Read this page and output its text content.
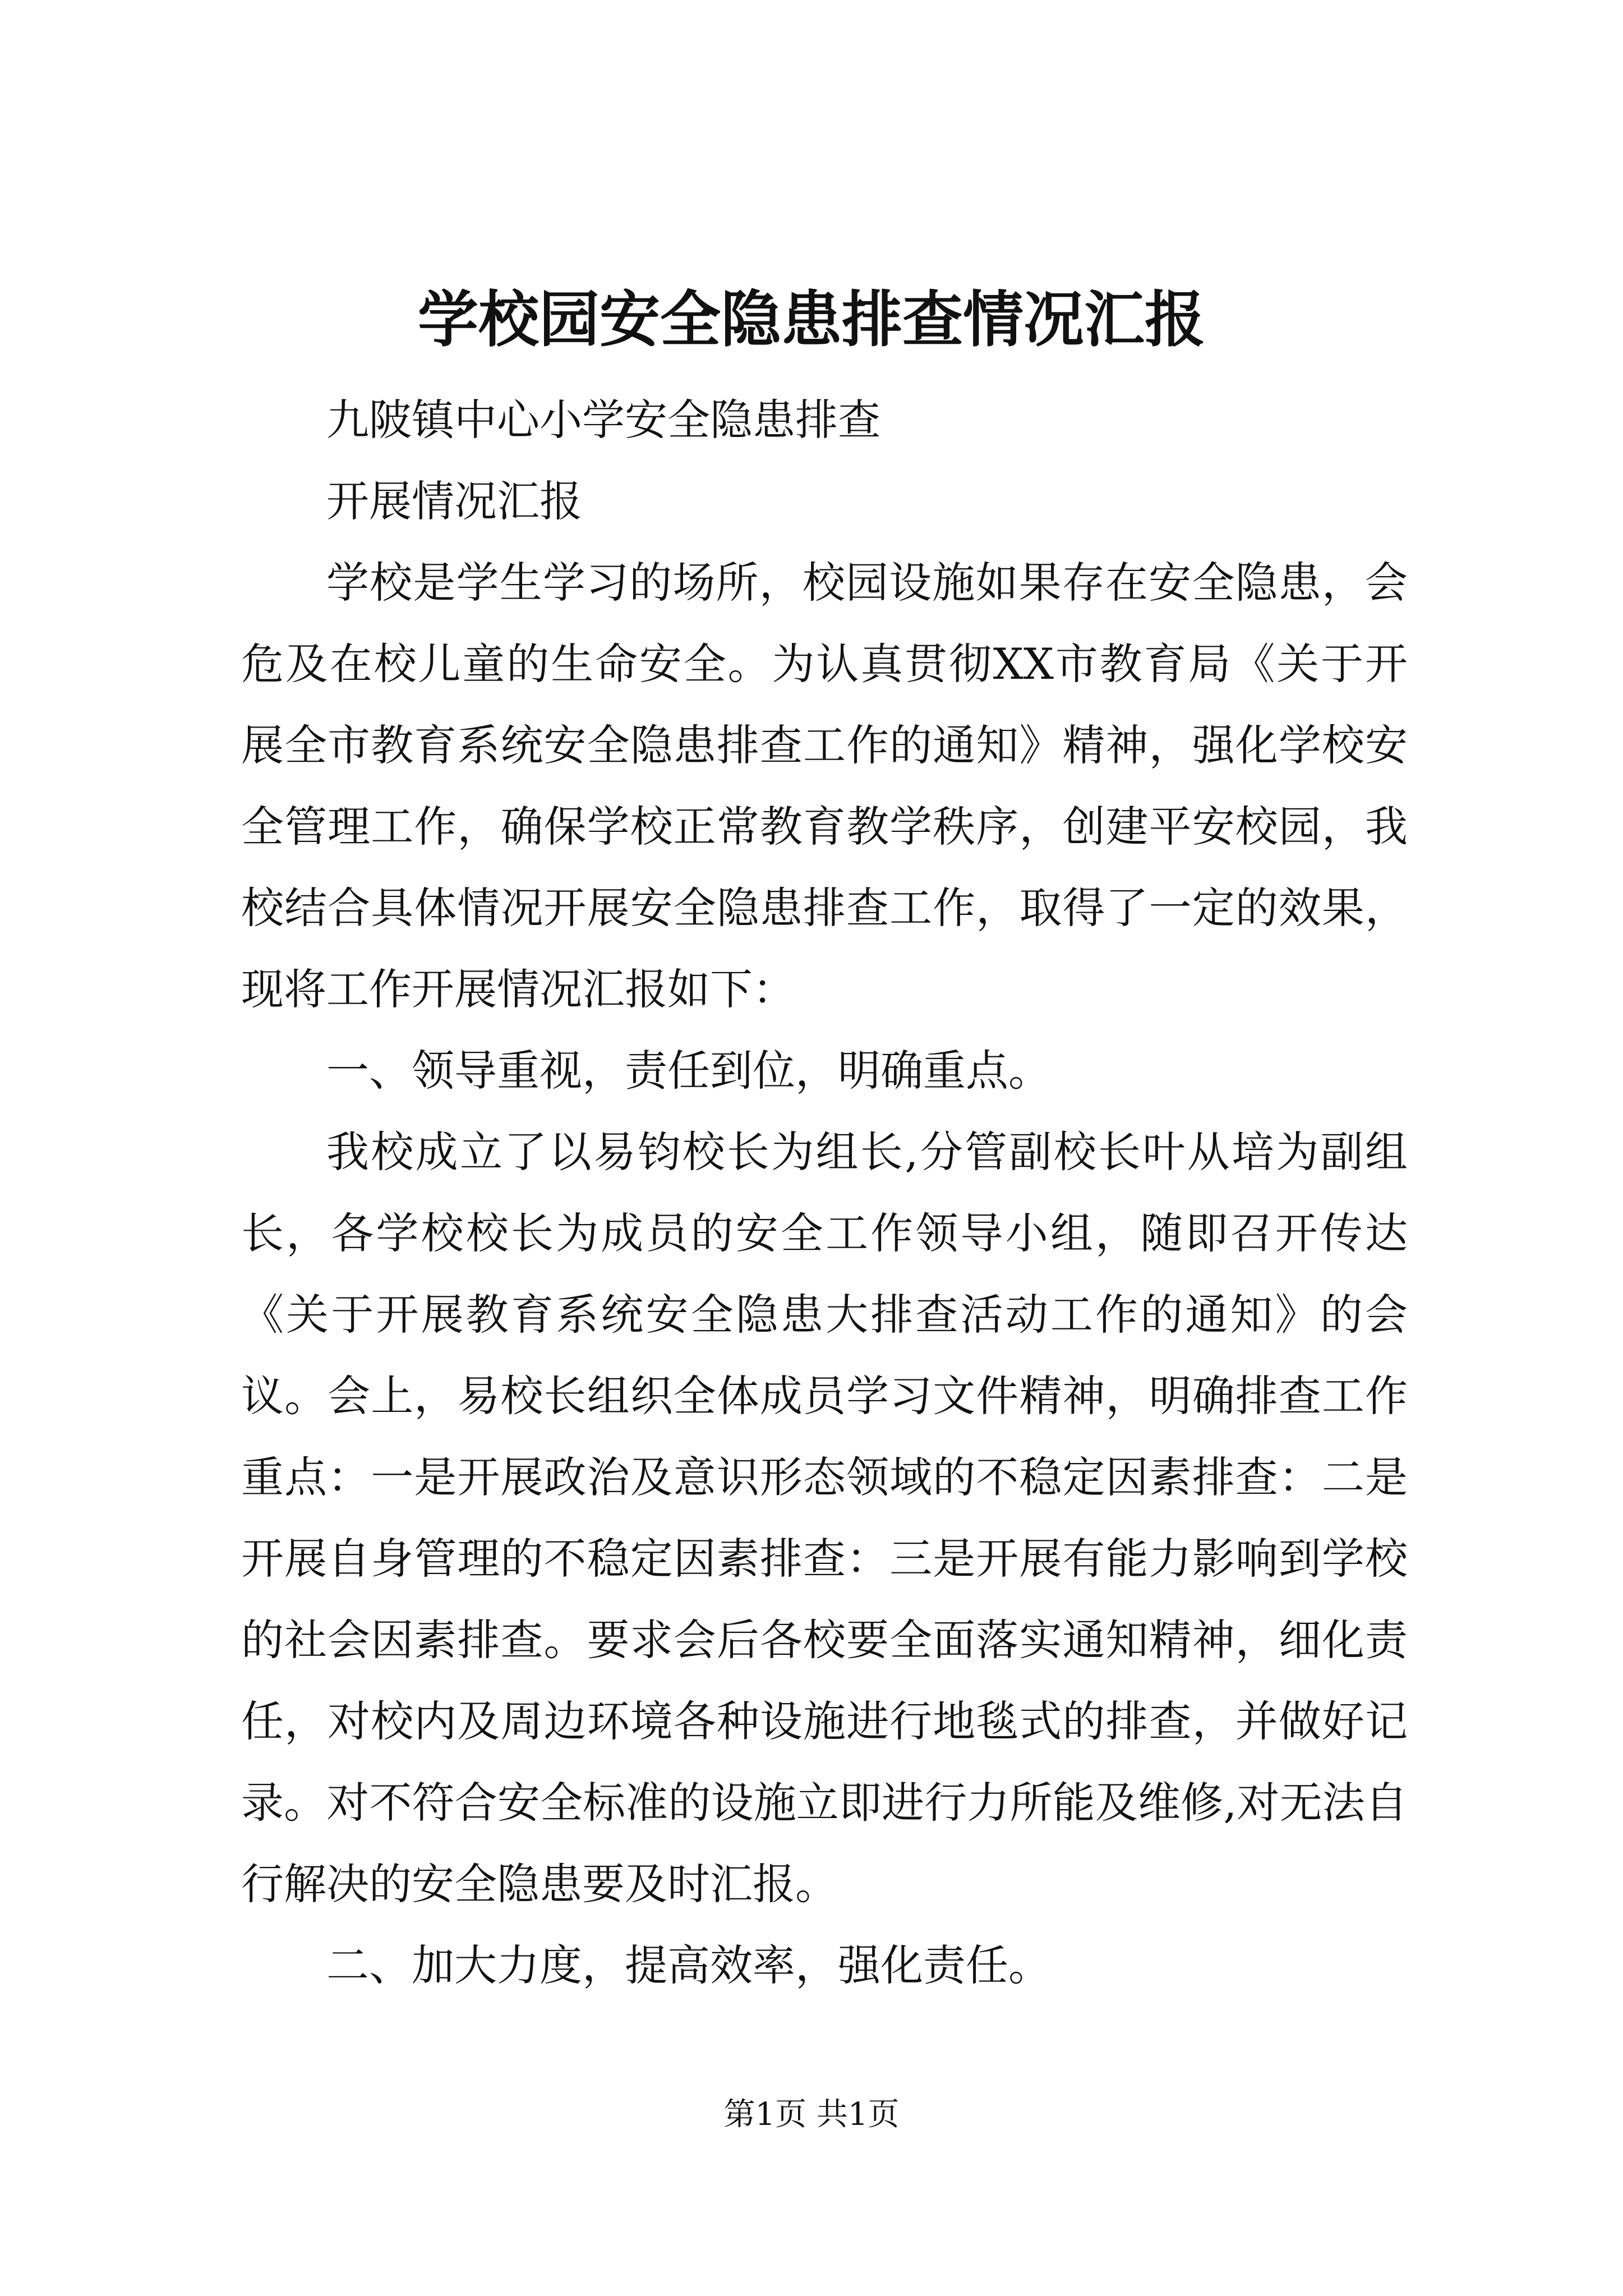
学校园安全隐患排查情况汇报

九陂镇中心小学安全隐患排查

开展情况汇报

学校是学生学习的场所，校园设施如果存在安全隐患，会危及在校儿童的生命安全。为认真贯彻XX市教育局《关于开展全市教育系统安全隐患排查工作的通知》精神，强化学校安全管理工作，确保学校正常教育教学秩序，创建平安校园，我校结合具体情况开展安全隐患排查工作，取得了一定的效果，现将工作开展情况汇报如下：

一、领导重视，责任到位，明确重点。

我校成立了以易钧校长为组长,分管副校长叶从培为副组长，各学校校长为成员的安全工作领导小组，随即召开传达《关于开展教育系统安全隐患大排查活动工作的通知》的会议。会上，易校长组织全体成员学习文件精神，明确排查工作重点：一是开展政治及意识形态领域的不稳定因素排查：二是开展自身管理的不稳定因素排查：三是开展有能力影响到学校的社会因素排查。要求会后各校要全面落实通知精神，细化责任，对校内及周边环境各种设施进行地毯式的排查，并做好记录。对不符合安全标准的设施立即进行力所能及维修,对无法自行解决的安全隐患要及时汇报。

二、加大力度，提高效率，强化责任。

第1页 共1页
